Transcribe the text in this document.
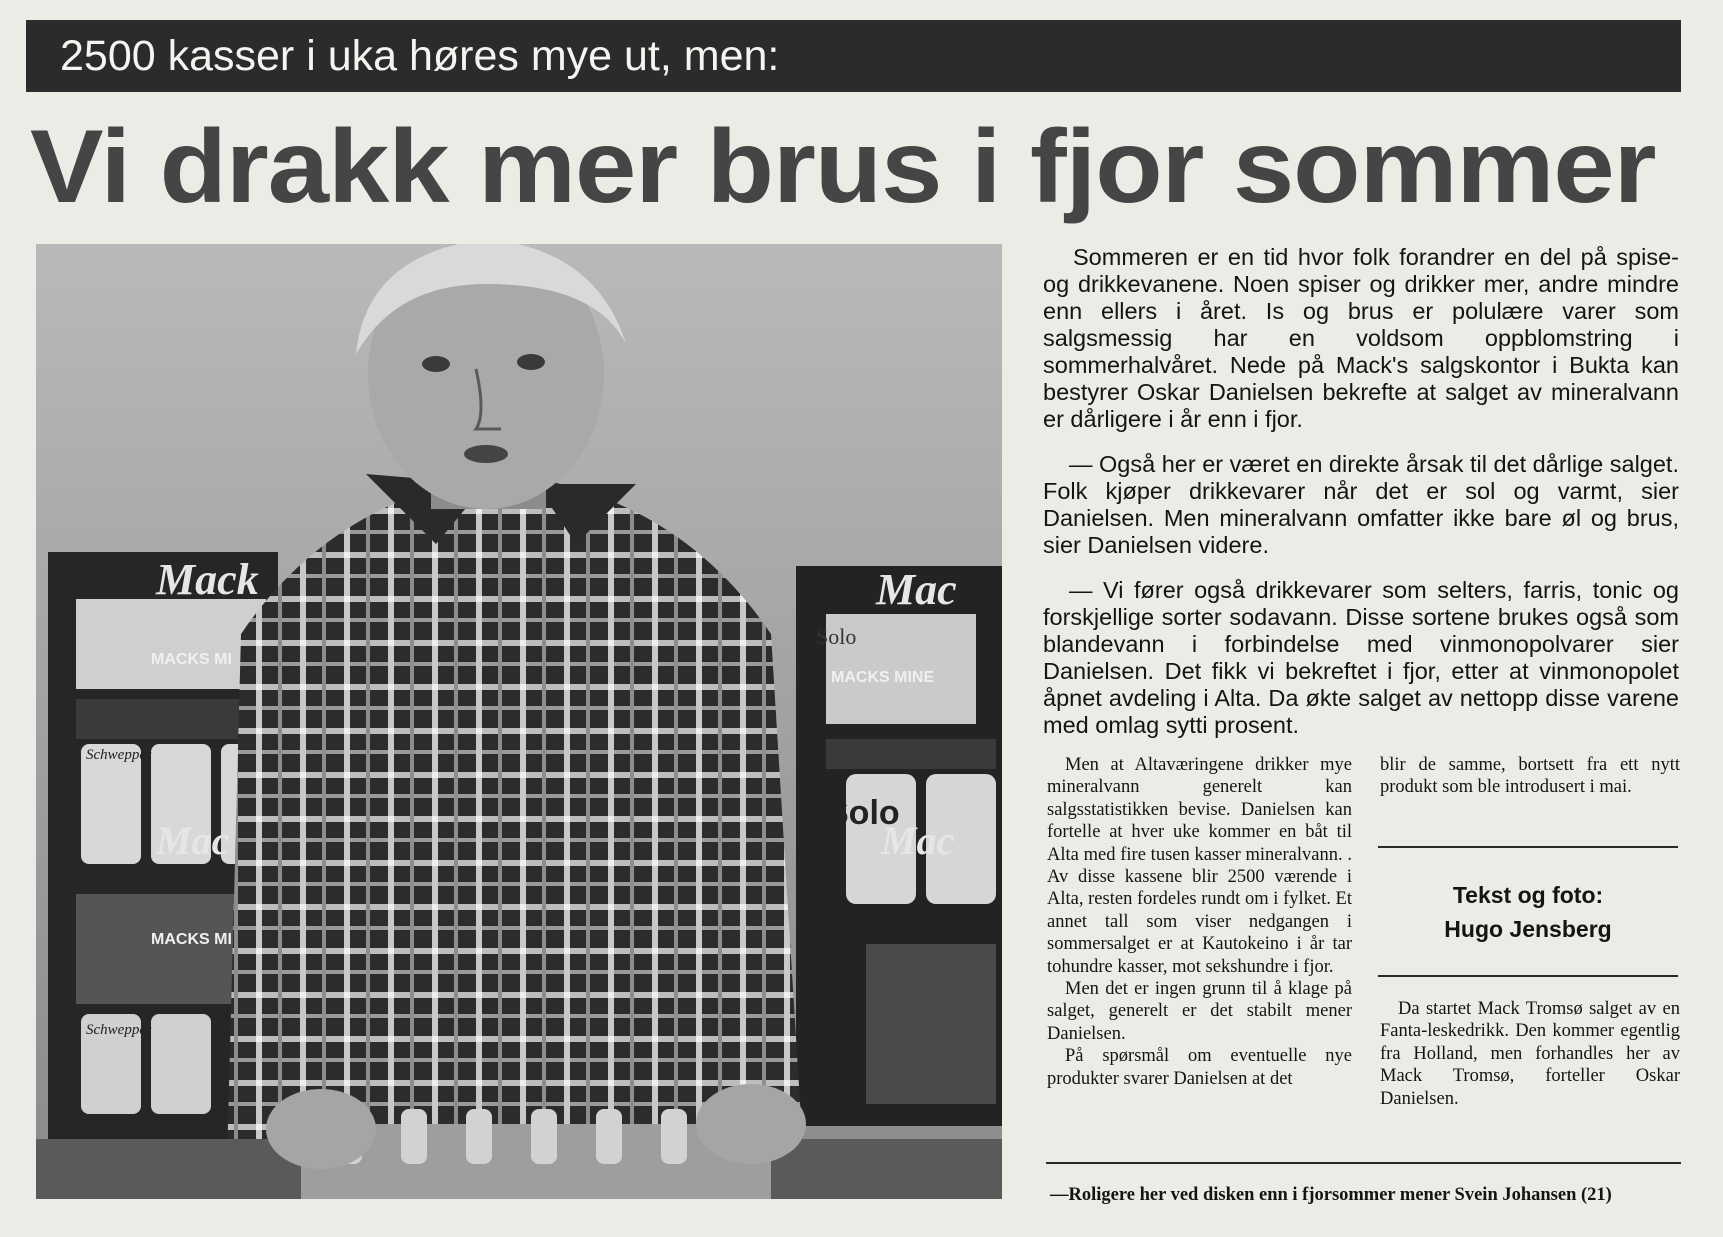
2500 kasser i uka høres mye ut, men:
Vi drakk mer brus i fjor sommer
Mack	Mac
Mac	Mac
MACKS MI
MACKS MINE
MACKS MI
Solo
Solo
Schweppes
Schweppes

Sommeren er en tid hvor folk forandrer en del på spise- og drikkevanene. Noen spiser og drikker mer, andre mindre enn ellers i året. Is og brus er polulære varer som salgsmessig har en voldsom oppblomstring i sommerhalvåret. Nede på Mack's salgskontor i Bukta kan bestyrer Oskar Danielsen bekrefte at salget av mineralvann er dårligere i år enn i fjor.

— Også her er været en direkte årsak til det dårlige salget. Folk kjøper drikkevarer når det er sol og varmt, sier Danielsen. Men mineralvann omfatter ikke bare øl og brus, sier Danielsen videre.

— Vi fører også drikkevarer som selters, farris, tonic og forskjellige sorter sodavann. Disse sortene brukes også som blandevann i forbindelse med vinmonopolvarer sier Danielsen. Det fikk vi bekreftet i fjor, etter at vinmonopolet åpnet avdeling i Alta. Da økte salget av nettopp disse varene med omlag sytti prosent.

Men at Altaværingene drikker mye mineralvann generelt kan salgsstatistikken bevise. Danielsen kan fortelle at hver uke kommer en båt til Alta med fire tusen kasser mineralvann. . Av disse kassene blir 2500 værende i Alta, resten fordeles rundt om i fylket. Et annet tall som viser nedgangen i sommersalget er at Kautokeino i år tar tohundre kasser, mot sekshundre i fjor.

Men det er ingen grunn til å klage på salget, generelt er det stabilt mener Danielsen.

På spørsmål om eventuelle nye produkter svarer Danielsen at det

blir de samme, bortsett fra ett nytt produkt som ble introdusert i mai.

Tekst og foto:
Hugo Jensberg

Da startet Mack Tromsø salget av en Fanta-leskedrikk. Den kommer egentlig fra Holland, men forhandles her av Mack Tromsø, forteller Oskar Danielsen.

—Roligere her ved disken enn i fjorsommer mener Svein Johansen (21)
